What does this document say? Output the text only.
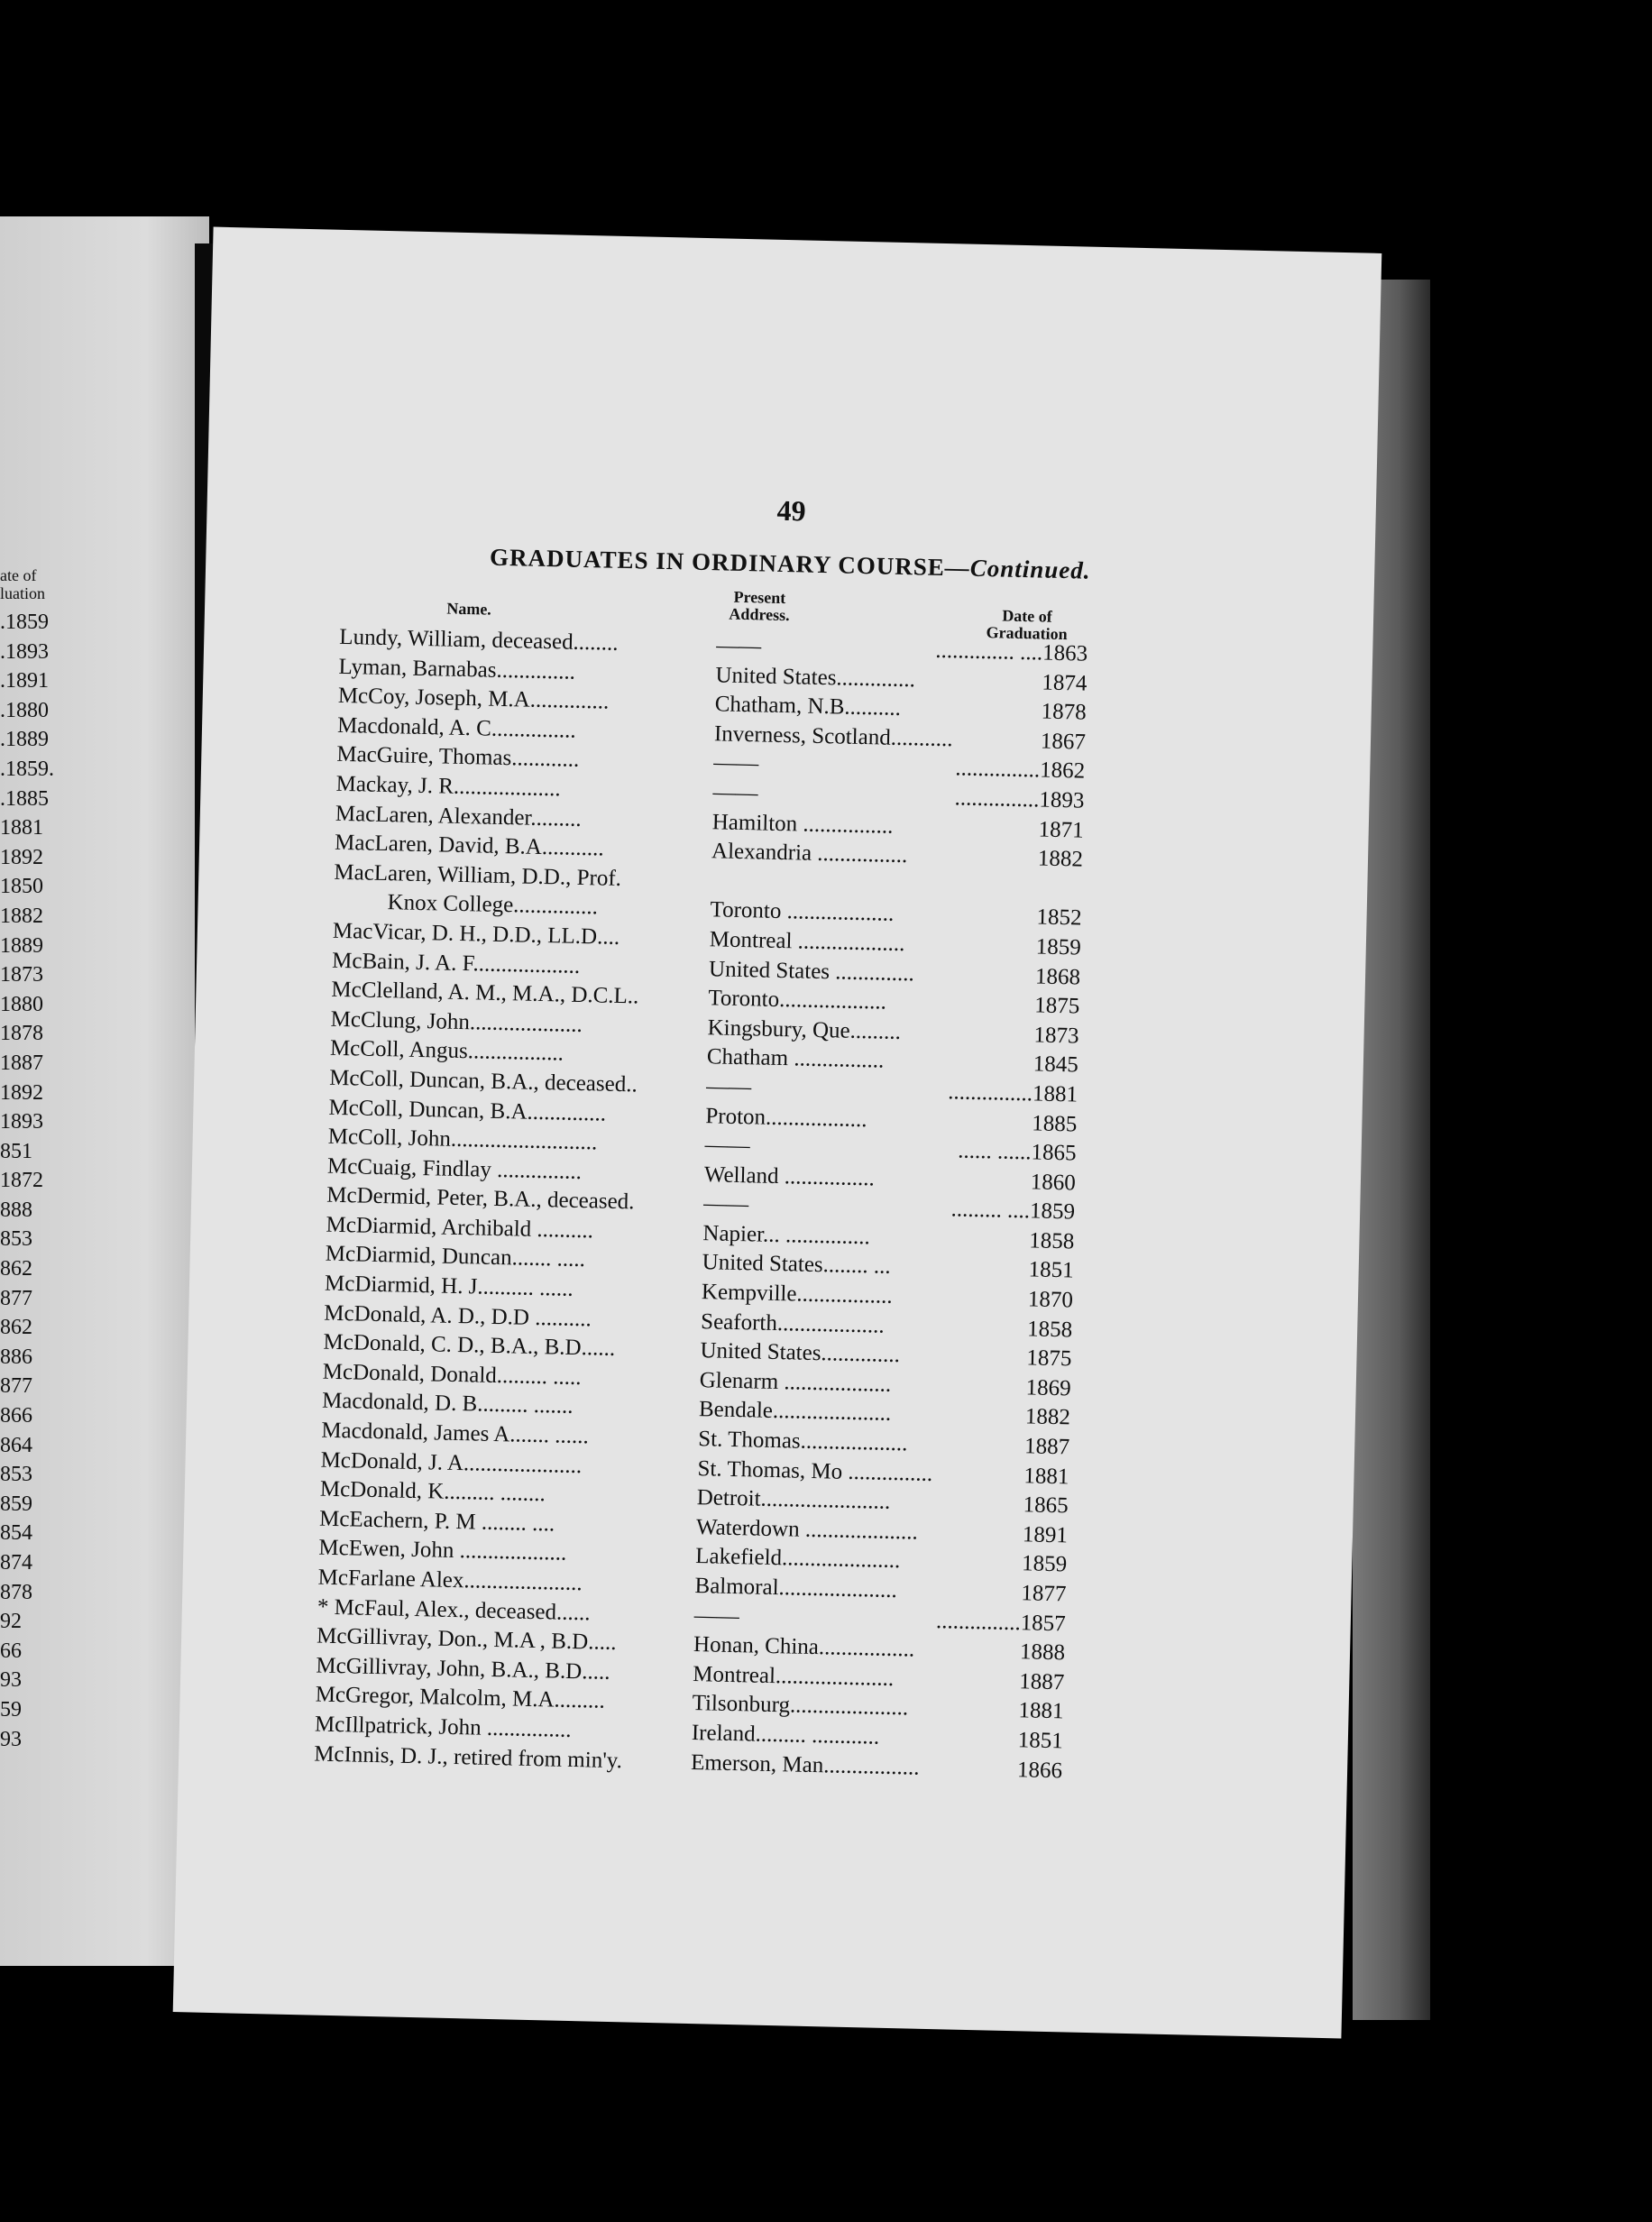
ate of
luation
.1859
.1893
.1891
.1880
.1889
.1859.
.1885
1881
1892
1850
1882
1889
1873
1880
1878
1887
1892
1893
851
1872
888
853
862
877
862
886
877
866
864
853
859
854
874
878
92
66
93
59
93
49
GRADUATES IN ORDINARY COURSE—Continued.
Name.
Present
Address.	Date of
Graduation
Lundy, William, deceased........	——	.............. ....1863
Lyman, Barnabas..............	United States..............	1874
McCoy, Joseph, M.A..............	Chatham, N.B..........	1878
Macdonald, A. C...............	Inverness, Scotland...........	1867
MacGuire, Thomas............	——	...............1862
Mackay, J. R...................	——	...............1893
MacLaren, Alexander.........	Hamilton ................	1871
MacLaren, David, B.A...........	Alexandria ................	1882
MacLaren, William, D.D., Prof.
Knox College...............	Toronto ...................	1852
MacVicar, D. H., D.D., LL.D....	Montreal ...................	1859
McBain, J. A. F...................	United States ..............	1868
McClelland, A. M., M.A., D.C.L..	Toronto...................	1875
McClung, John....................	Kingsbury, Que.........	1873
McColl, Angus.................	Chatham ................	1845
McColl, Duncan, B.A., deceased..	——	...............1881
McColl, Duncan, B.A..............	Proton..................	1885
McColl, John..........................	——	...... ......1865
McCuaig, Findlay ...............	Welland ................	1860
McDermid, Peter, B.A., deceased.	——	......... ....1859
McDiarmid, Archibald ..........	Napier... ...............	1858
McDiarmid, Duncan....... .....	United States........ ...	1851
McDiarmid, H. J.......... ......	Kempville.................	1870
McDonald, A. D., D.D ..........	Seaforth...................	1858
McDonald, C. D., B.A., B.D......	United States..............	1875
McDonald, Donald......... .....	Glenarm ...................	1869
Macdonald, D. B......... .......	Bendale.....................	1882
Macdonald, James A....... ......	St. Thomas...................	1887
McDonald, J. A.....................	St. Thomas, Mo ...............	1881
McDonald, K......... ........	Detroit.......................	1865
McEachern, P. M ........ ....	Waterdown ....................	1891
McEwen, John ...................	Lakefield.....................	1859
McFarlane Alex.....................	Balmoral.....................	1877
* McFaul, Alex., deceased......	——	...............1857
McGillivray, Don., M.A , B.D.....	Honan, China.................	1888
McGillivray, John, B.A., B.D.....	Montreal.....................	1887
McGregor, Malcolm, M.A.........	Tilsonburg.....................	1881
McIllpatrick, John ...............	Ireland......... ............	1851
McInnis, D. J., retired from min'y.	Emerson, Man.................	1866
